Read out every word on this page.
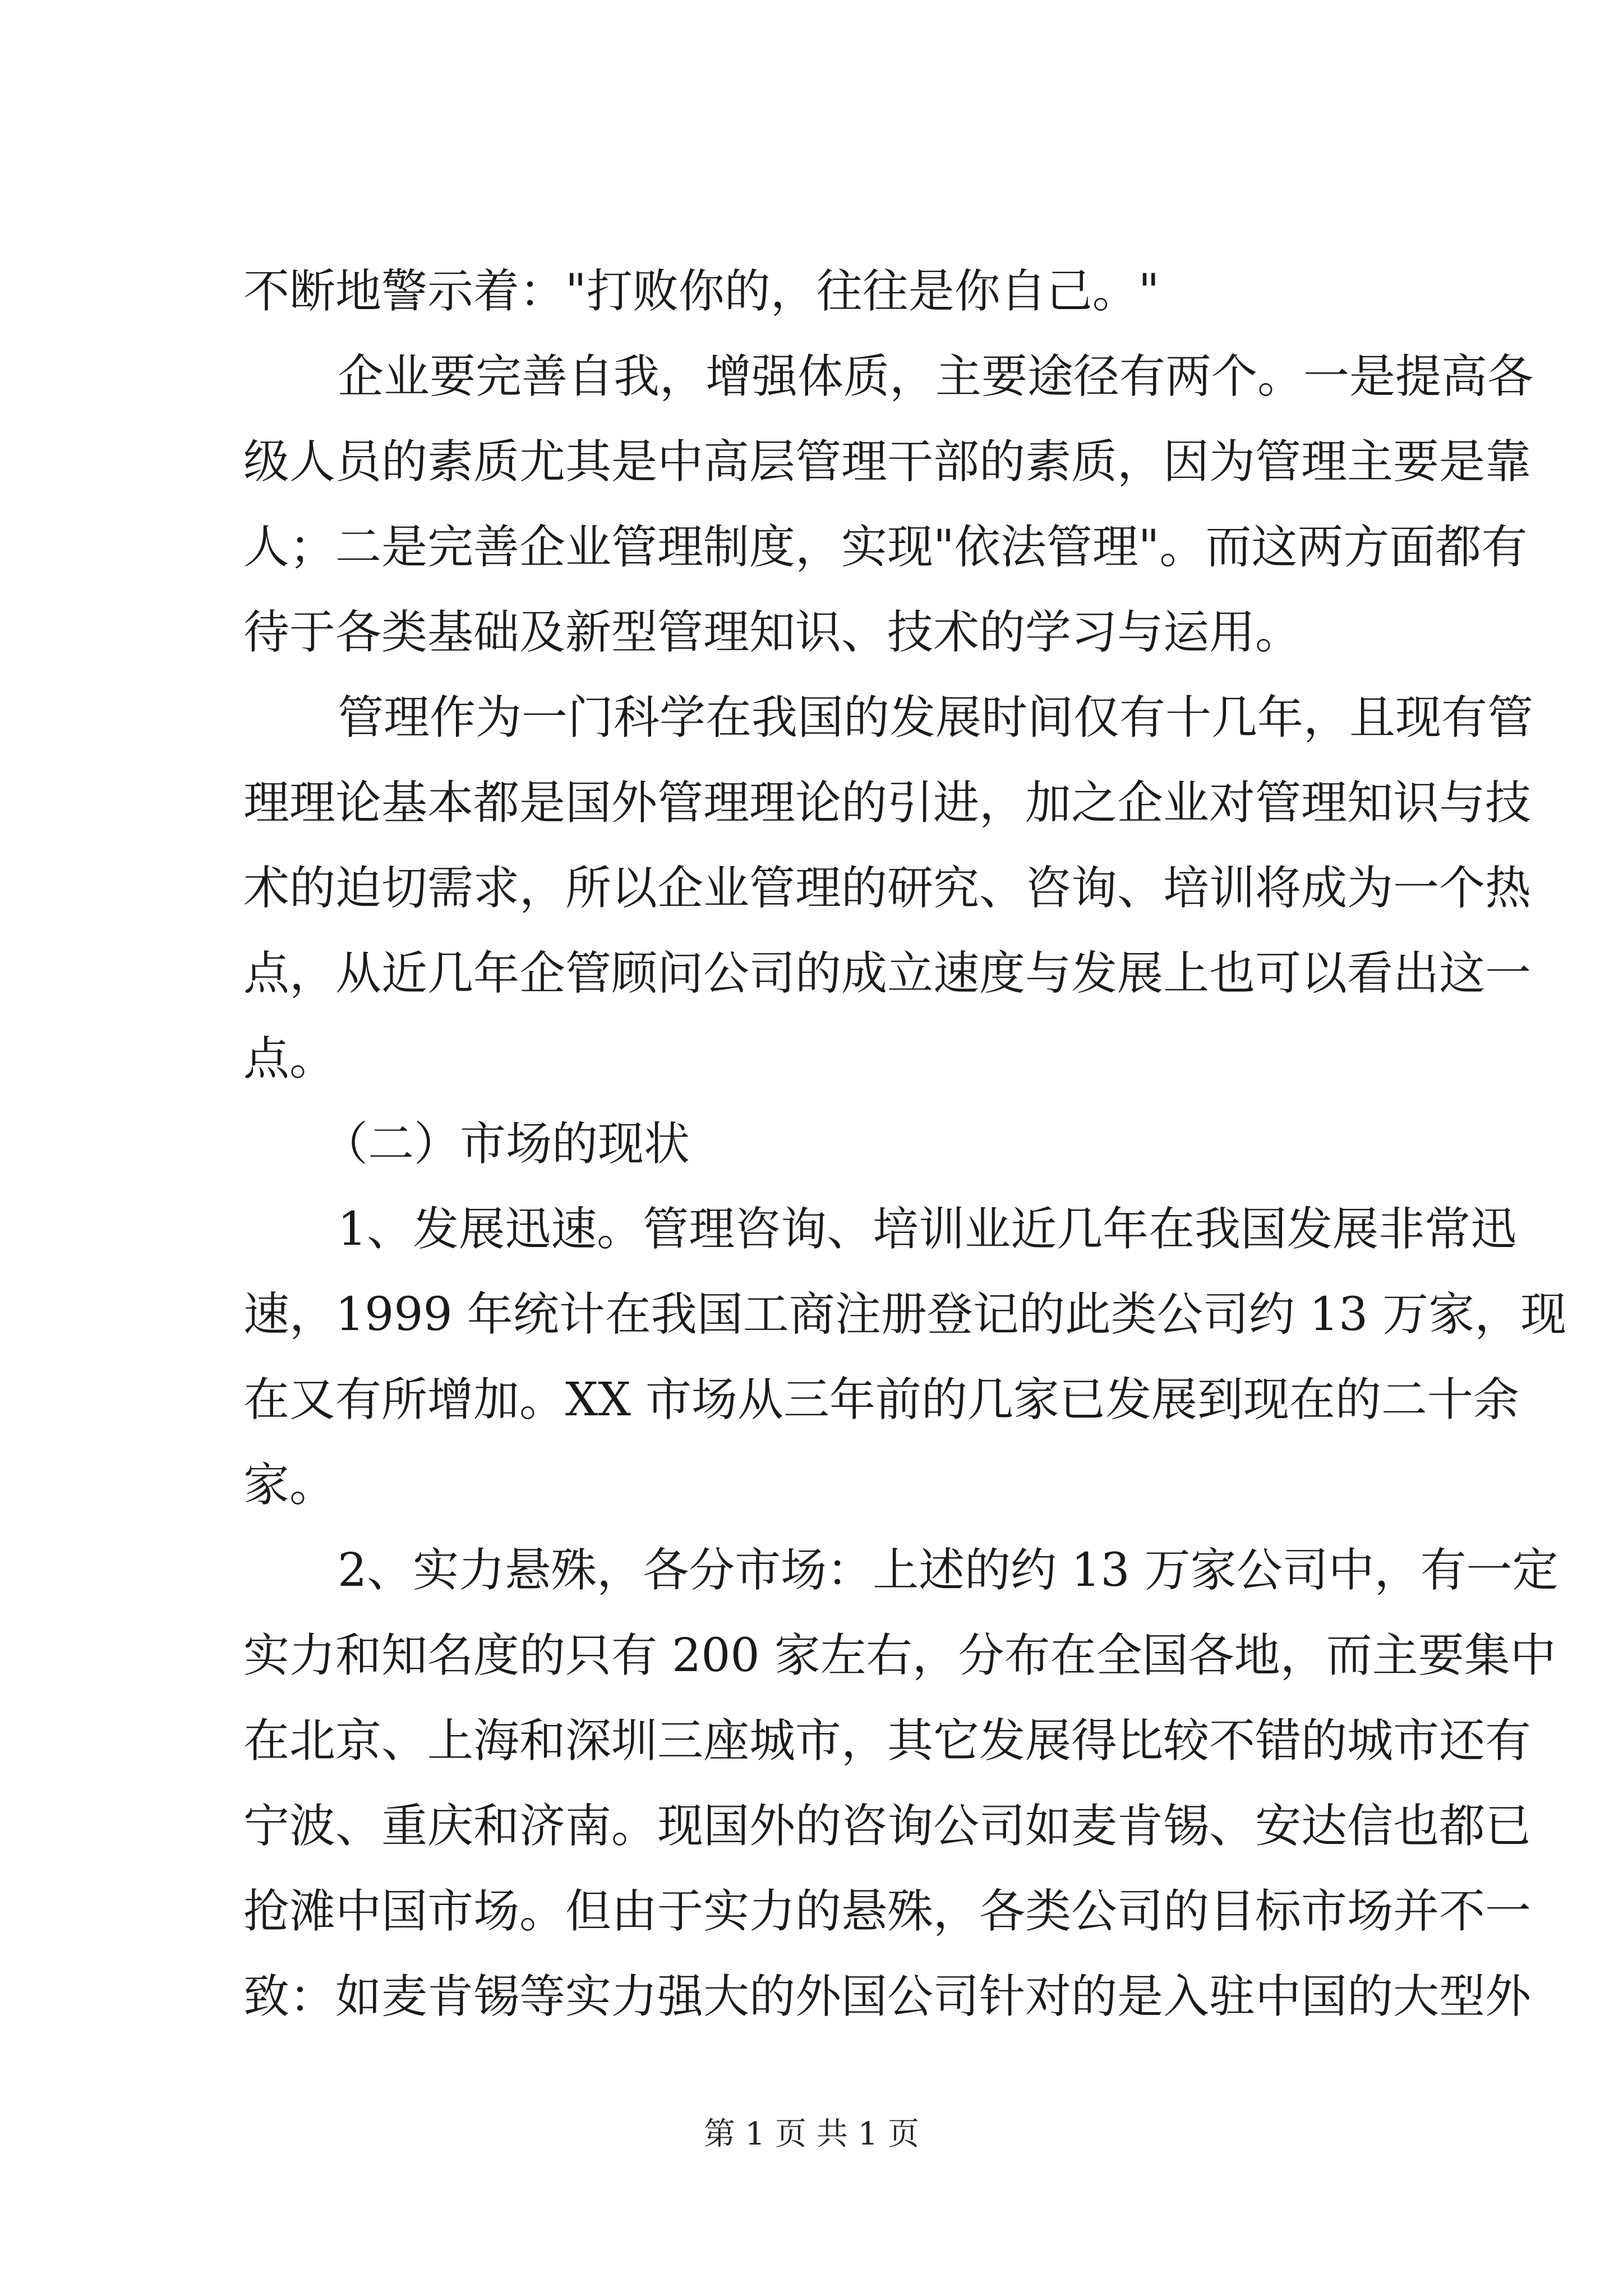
不断地警示着："打败你的，往往是你自己。"
企业要完善自我，增强体质，主要途径有两个。一是提高各
级人员的素质尤其是中高层管理干部的素质，因为管理主要是靠
人；二是完善企业管理制度，实现"依法管理"。而这两方面都有
待于各类基础及新型管理知识、技术的学习与运用。
管理作为一门科学在我国的发展时间仅有十几年，且现有管
理理论基本都是国外管理理论的引进，加之企业对管理知识与技
术的迫切需求，所以企业管理的研究、咨询、培训将成为一个热
点，从近几年企管顾问公司的成立速度与发展上也可以看出这一
点。
（二）市场的现状
1、发展迅速。管理咨询、培训业近几年在我国发展非常迅
速，1999 年统计在我国工商注册登记的此类公司约 13 万家，现
在又有所增加。XX 市场从三年前的几家已发展到现在的二十余
家。
2、实力悬殊，各分市场：上述的约 13 万家公司中，有一定
实力和知名度的只有 200 家左右，分布在全国各地，而主要集中
在北京、上海和深圳三座城市，其它发展得比较不错的城市还有
宁波、重庆和济南。现国外的咨询公司如麦肯锡、安达信也都已
抢滩中国市场。但由于实力的悬殊，各类公司的目标市场并不一
致：如麦肯锡等实力强大的外国公司针对的是入驻中国的大型外
第 1 页 共 1 页
